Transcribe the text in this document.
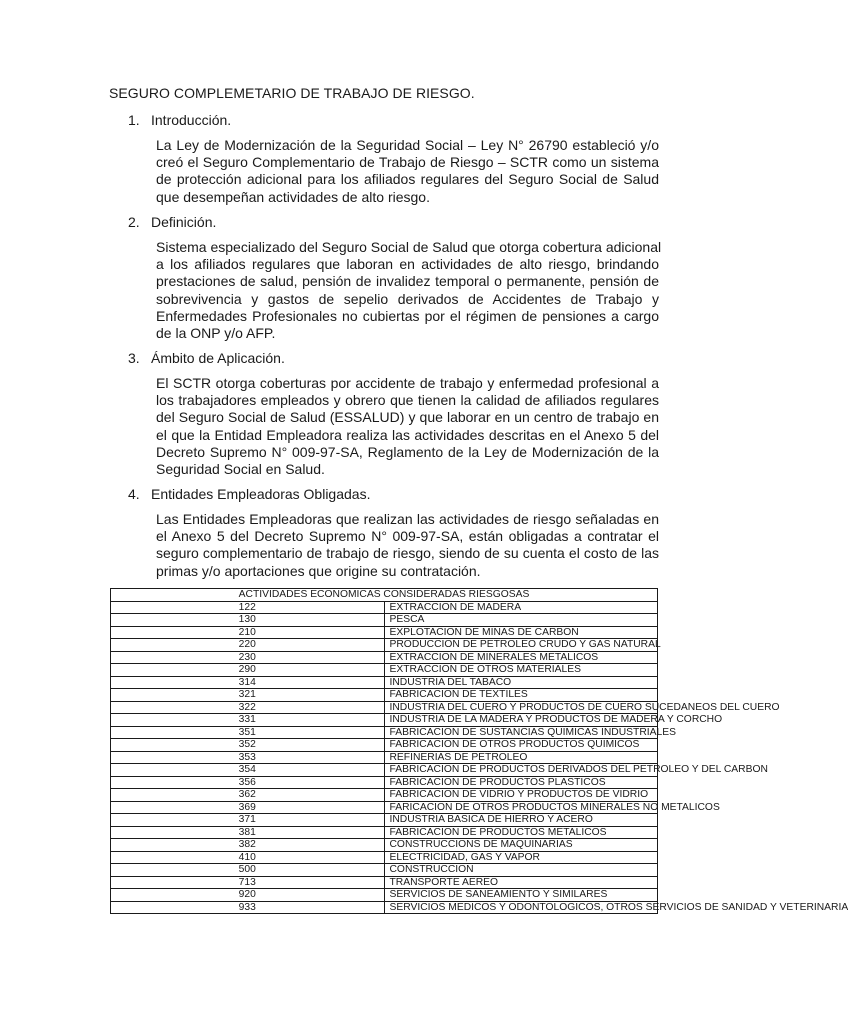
SEGURO COMPLEMETARIO DE TRABAJO DE RIESGO.
1. Introducción.
La Ley de Modernización de la Seguridad Social – Ley N° 26790 estableció y/o
creó el Seguro Complementario de Trabajo de Riesgo – SCTR como un sistema
de protección adicional para los afiliados regulares del Seguro Social de Salud
que desempeñan actividades de alto riesgo.
2. Definición.
Sistema especializado del Seguro Social de Salud que otorga cobertura adicional
a los afiliados regulares que laboran en actividades de alto riesgo, brindando
prestaciones de salud, pensión de invalidez temporal o permanente, pensión de
sobrevivencia y gastos de sepelio derivados de Accidentes de Trabajo y
Enfermedades Profesionales no cubiertas por el régimen de pensiones a cargo
de la ONP y/o AFP.
3. Ámbito de Aplicación.
El SCTR otorga coberturas por accidente de trabajo y enfermedad profesional a
los trabajadores empleados y obrero que tienen la calidad de afiliados regulares
del Seguro Social de Salud (ESSALUD) y que laborar en un centro de trabajo en
el que la Entidad Empleadora realiza las actividades descritas en el Anexo 5 del
Decreto Supremo N° 009-97-SA, Reglamento de la Ley de Modernización de la
Seguridad Social en Salud.
4. Entidades Empleadoras Obligadas.
Las Entidades Empleadoras que realizan las actividades de riesgo señaladas en
el Anexo 5 del Decreto Supremo N° 009-97-SA, están obligadas a contratar el
seguro complementario de trabajo de riesgo, siendo de su cuenta el costo de las
primas y/o aportaciones que origine su contratación.
ACTIVIDADES ECONOMICAS CONSIDERADAS RIESGOSAS	
122	EXTRACCION DE MADERA
130	PESCA
210	EXPLOTACION DE MINAS DE CARBON
220	PRODUCCION DE PETROLEO CRUDO Y GAS NATURAL
230	EXTRACCION DE MINERALES METALICOS
290	EXTRACCION DE OTROS MATERIALES
314	INDUSTRIA DEL TABACO
321	FABRICACION DE TEXTILES
322	INDUSTRIA DEL CUERO Y PRODUCTOS DE CUERO SUCEDANEOS DEL CUERO
331	INDUSTRIA DE LA MADERA Y PRODUCTOS DE MADERA Y CORCHO
351	FABRICACION DE SUSTANCIAS QUIMICAS INDUSTRIALES
352	FABRICACION DE OTROS PRODUCTOS QUIMICOS
353	REFINERIAS DE PETROLEO
354	FABRICACION DE PRODUCTOS DERIVADOS DEL PETROLEO Y DEL CARBON
356	FABRICACION DE PRODUCTOS PLASTICOS
362	FABRICACION DE VIDRIO Y PRODUCTOS DE VIDRIO
369	FARICACION DE OTROS PRODUCTOS MINERALES NO METALICOS
371	INDUSTRIA BASICA DE HIERRO Y ACERO
381	FABRICACION DE PRODUCTOS METALICOS
382	CONSTRUCCIONS DE MAQUINARIAS
410	ELECTRICIDAD, GAS Y VAPOR
500	CONSTRUCCION
713	TRANSPORTE AEREO
920	SERVICIOS DE SANEAMIENTO Y SIMILARES
933	SERVICIOS MEDICOS Y ODONTOLOGICOS, OTROS SERVICIOS DE SANIDAD Y VETERINARIA
